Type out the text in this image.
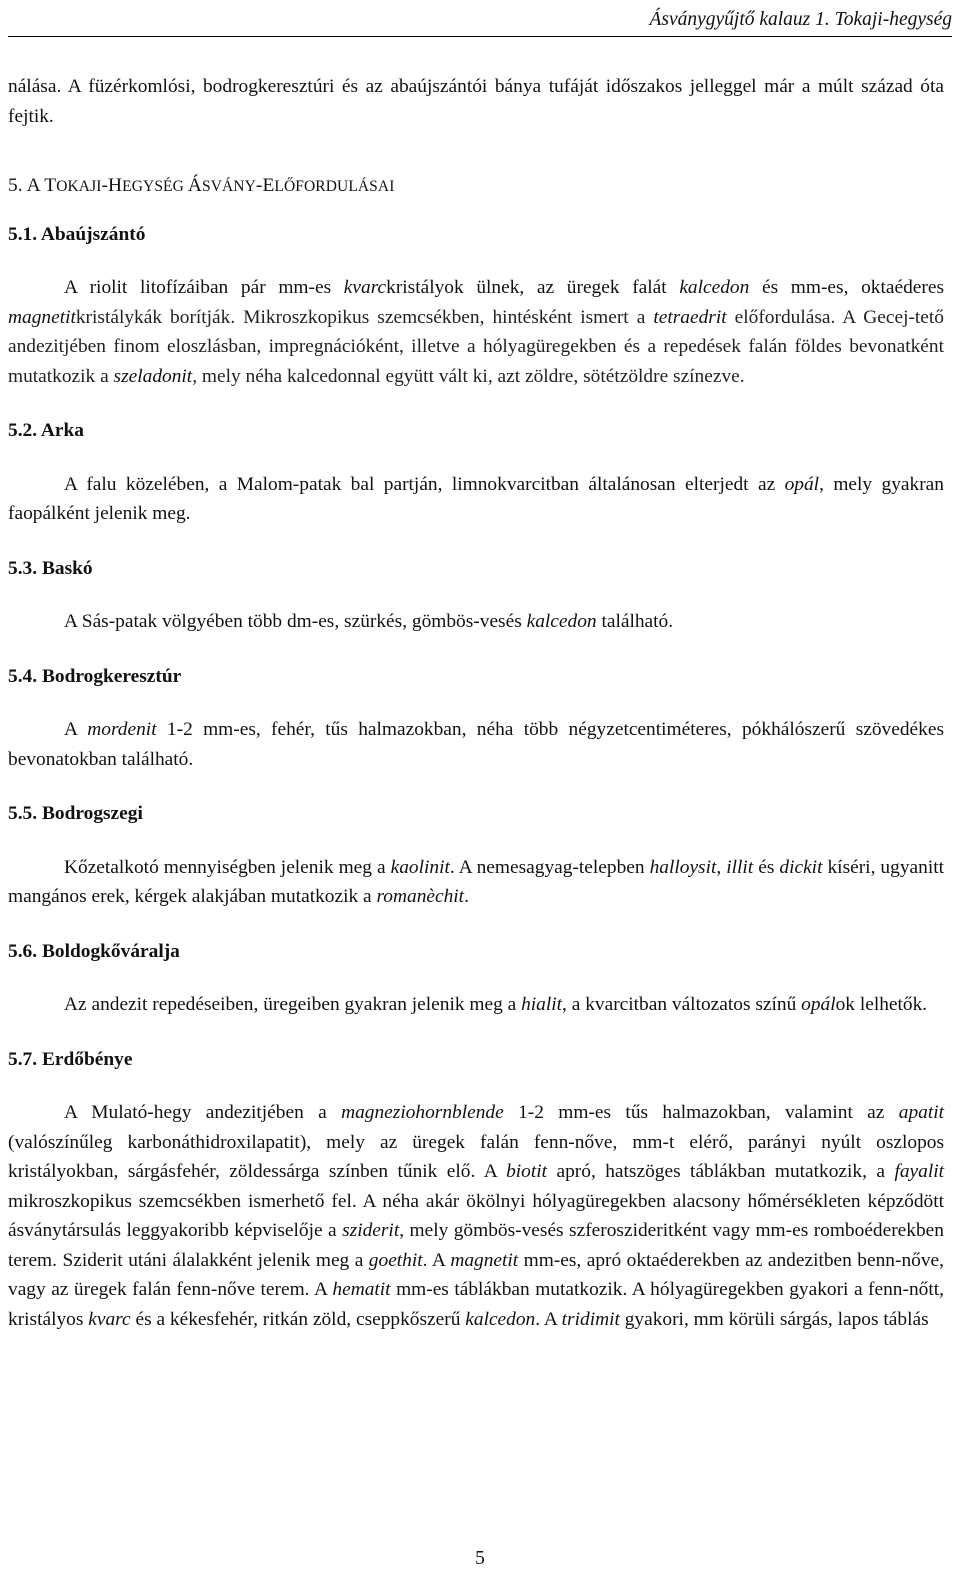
Ásványgyűjtő kalauz 1. Tokaji-hegység

nálása. A füzérkomlósi, bodrogkeresztúri és az abaújszántói bánya tufáját időszakos jelleggel már a múlt század óta fejtik.

5. A TOKAJI-HEGYSÉG ÁSVÁNY-ELŐFORDULÁSAI
5.1. Abaújszántó

A riolit litofízáiban pár mm-es kvarckristályok ülnek, az üregek falát kalcedon és mm-es, oktaéderes magnetitkristálykák borítják. Mikroszkopikus szemcsékben, hintésként ismert a tetraedrit előfordulása. A Gecej-tető andezitjében finom eloszlásban, impregnációként, illetve a hólyagüregekben és a repedések falán földes bevonatként mutatkozik a szeladonit, mely néha kalcedonnal együtt vált ki, azt zöldre, sötétzöldre színezve.

5.2. Arka

A falu közelében, a Malom-patak bal partján, limnokvarcitban általánosan elterjedt az opál, mely gyakran faopálként jelenik meg.

5.3. Baskó

A Sás-patak völgyében több dm-es, szürkés, gömbös-vesés kalcedon található.

5.4. Bodrogkeresztúr

A mordenit 1-2 mm-es, fehér, tűs halmazokban, néha több négyzetcentiméteres, pókhálószerű szövedékes bevonatokban található.

5.5. Bodrogszegi

Kőzetalkotó mennyiségben jelenik meg a kaolinit. A nemesagyag-telepben halloysit, illit és dickit kíséri, ugyanitt mangános erek, kérgek alakjában mutatkozik a romanèchit.

5.6. Boldogkőváralja

Az andezit repedéseiben, üregeiben gyakran jelenik meg a hialit, a kvarcitban változatos színű opálok lelhetők.

5.7. Erdőbénye

A Mulató-hegy andezitjében a magneziohornblende 1-2 mm-es tűs halmazokban, valamint az apatit (valószínűleg karbonáthidroxilapatit), mely az üregek falán fenn-nőve, mm-t elérő, parányi nyúlt oszlopos kristályokban, sárgásfehér, zöldessárga színben tűnik elő. A biotit apró, hatszöges táblákban mutatkozik, a fayalit mikroszkopikus szemcsékben ismerhető fel. A néha akár ökölnyi hólyagüregekben alacsony hőmérsékleten képződött ásványtársulás leggyakoribb képviselője a sziderit, mely gömbös-vesés szferoszideritként vagy mm-es romboéderekben terem. Sziderit utáni álalakként jelenik meg a goethit. A magnetit mm-es, apró oktaéderekben az andezitben benn-nőve, vagy az üregek falán fenn-nőve terem. A hematit mm-es táblákban mutatkozik. A hólyagüregekben gyakori a fenn-nőtt, kristályos kvarc és a kékesfehér, ritkán zöld, cseppkőszerű kalcedon. A tridimit gyakori, mm körüli sárgás, lapos táblás

5
